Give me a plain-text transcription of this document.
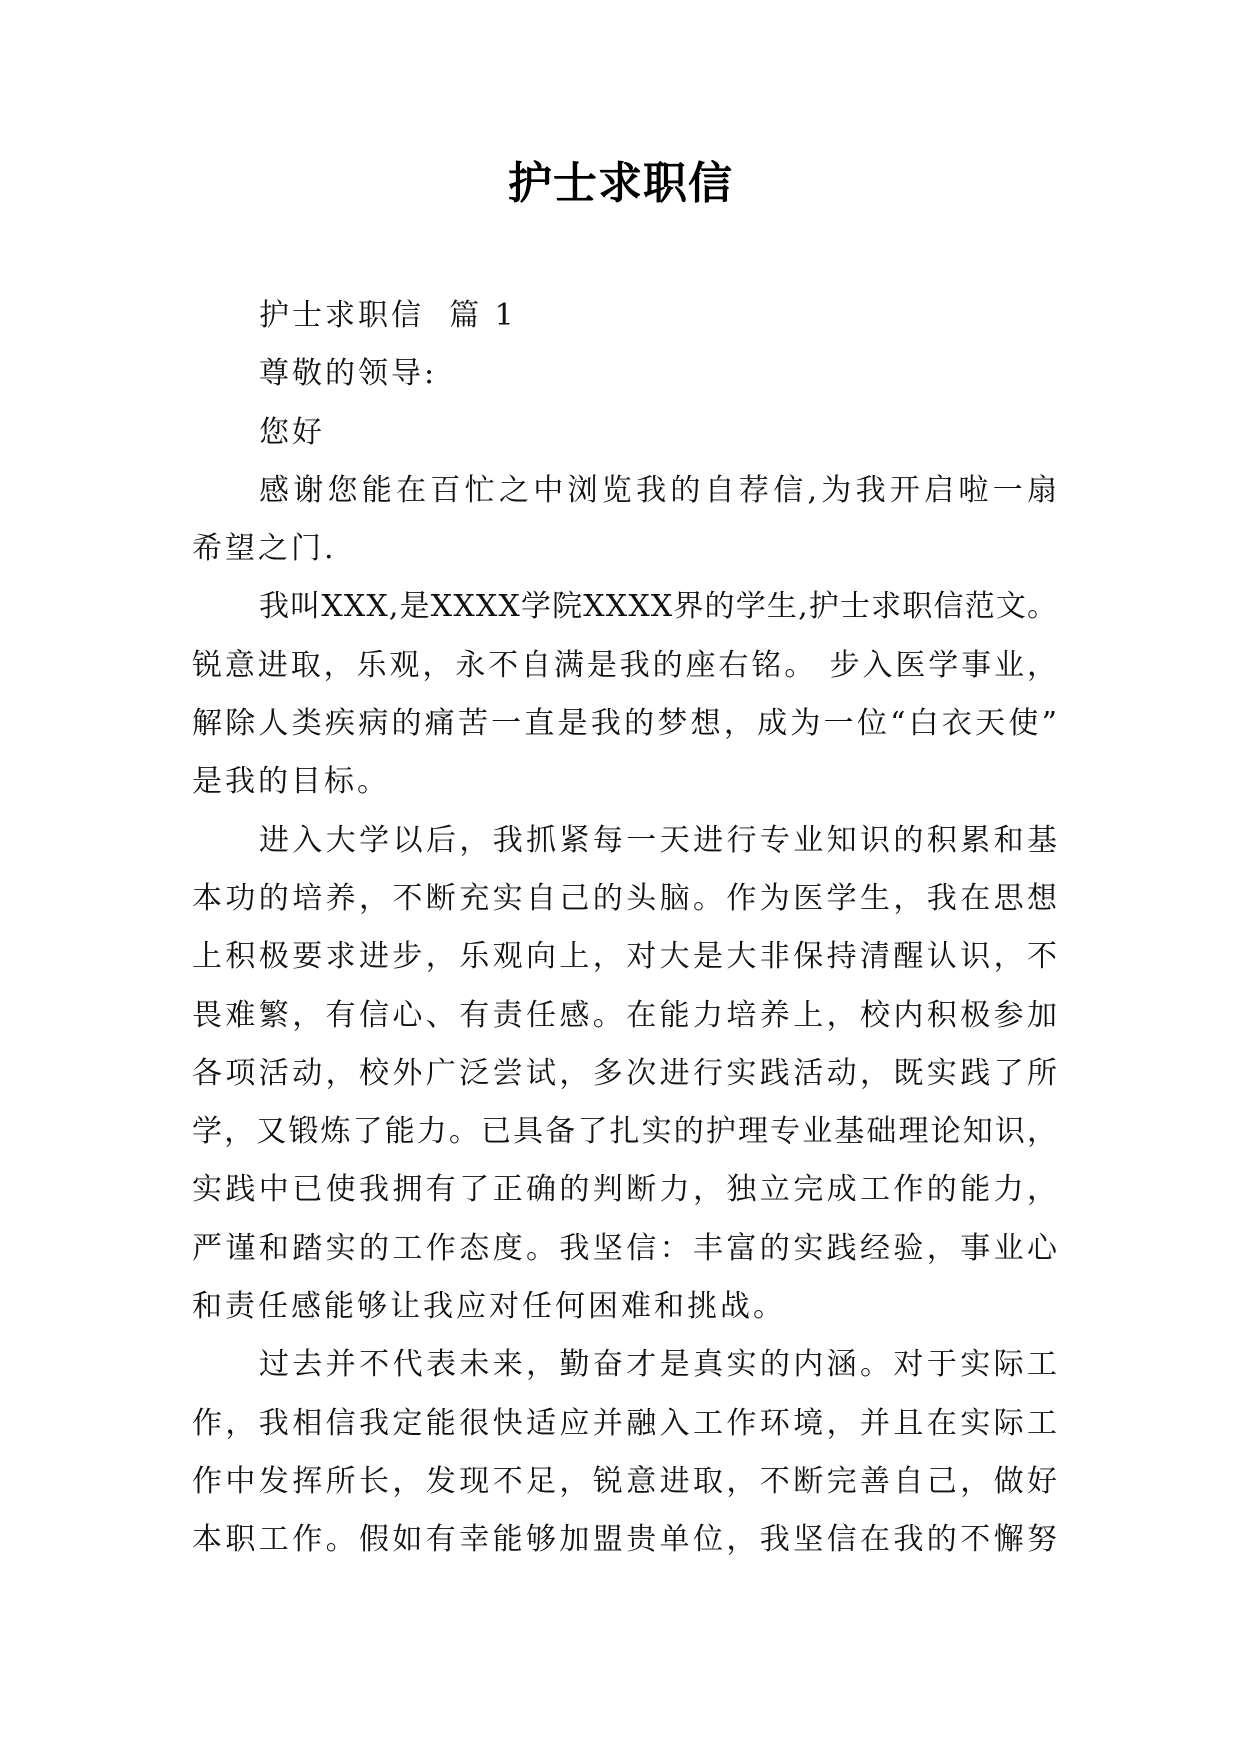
护士求职信
护士求职信  篇 1
尊敬的领导:
您好
感谢您能在百忙之中浏览我的自荐信,为我开启啦一扇
希望之门.
我叫XXX,是XXXX学院XXXX界的学生,护士求职信范文。
锐意进取，乐观，永不自满是我的座右铭。 步入医学事业，
解除人类疾病的痛苦一直是我的梦想，成为一位“白衣天使”
是我的目标。
进入大学以后，我抓紧每一天进行专业知识的积累和基
本功的培养，不断充实自己的头脑。作为医学生，我在思想
上积极要求进步，乐观向上，对大是大非保持清醒认识，不
畏难繁，有信心、有责任感。在能力培养上，校内积极参加
各项活动，校外广泛尝试，多次进行实践活动，既实践了所
学，又锻炼了能力。已具备了扎实的护理专业基础理论知识，
实践中已使我拥有了正确的判断力，独立完成工作的能力，
严谨和踏实的工作态度。我坚信：丰富的实践经验，事业心
和责任感能够让我应对任何困难和挑战。
过去并不代表未来，勤奋才是真实的内涵。对于实际工
作，我相信我定能很快适应并融入工作环境，并且在实际工
作中发挥所长，发现不足，锐意进取，不断完善自己，做好
本职工作。假如有幸能够加盟贵单位，我坚信在我的不懈努
